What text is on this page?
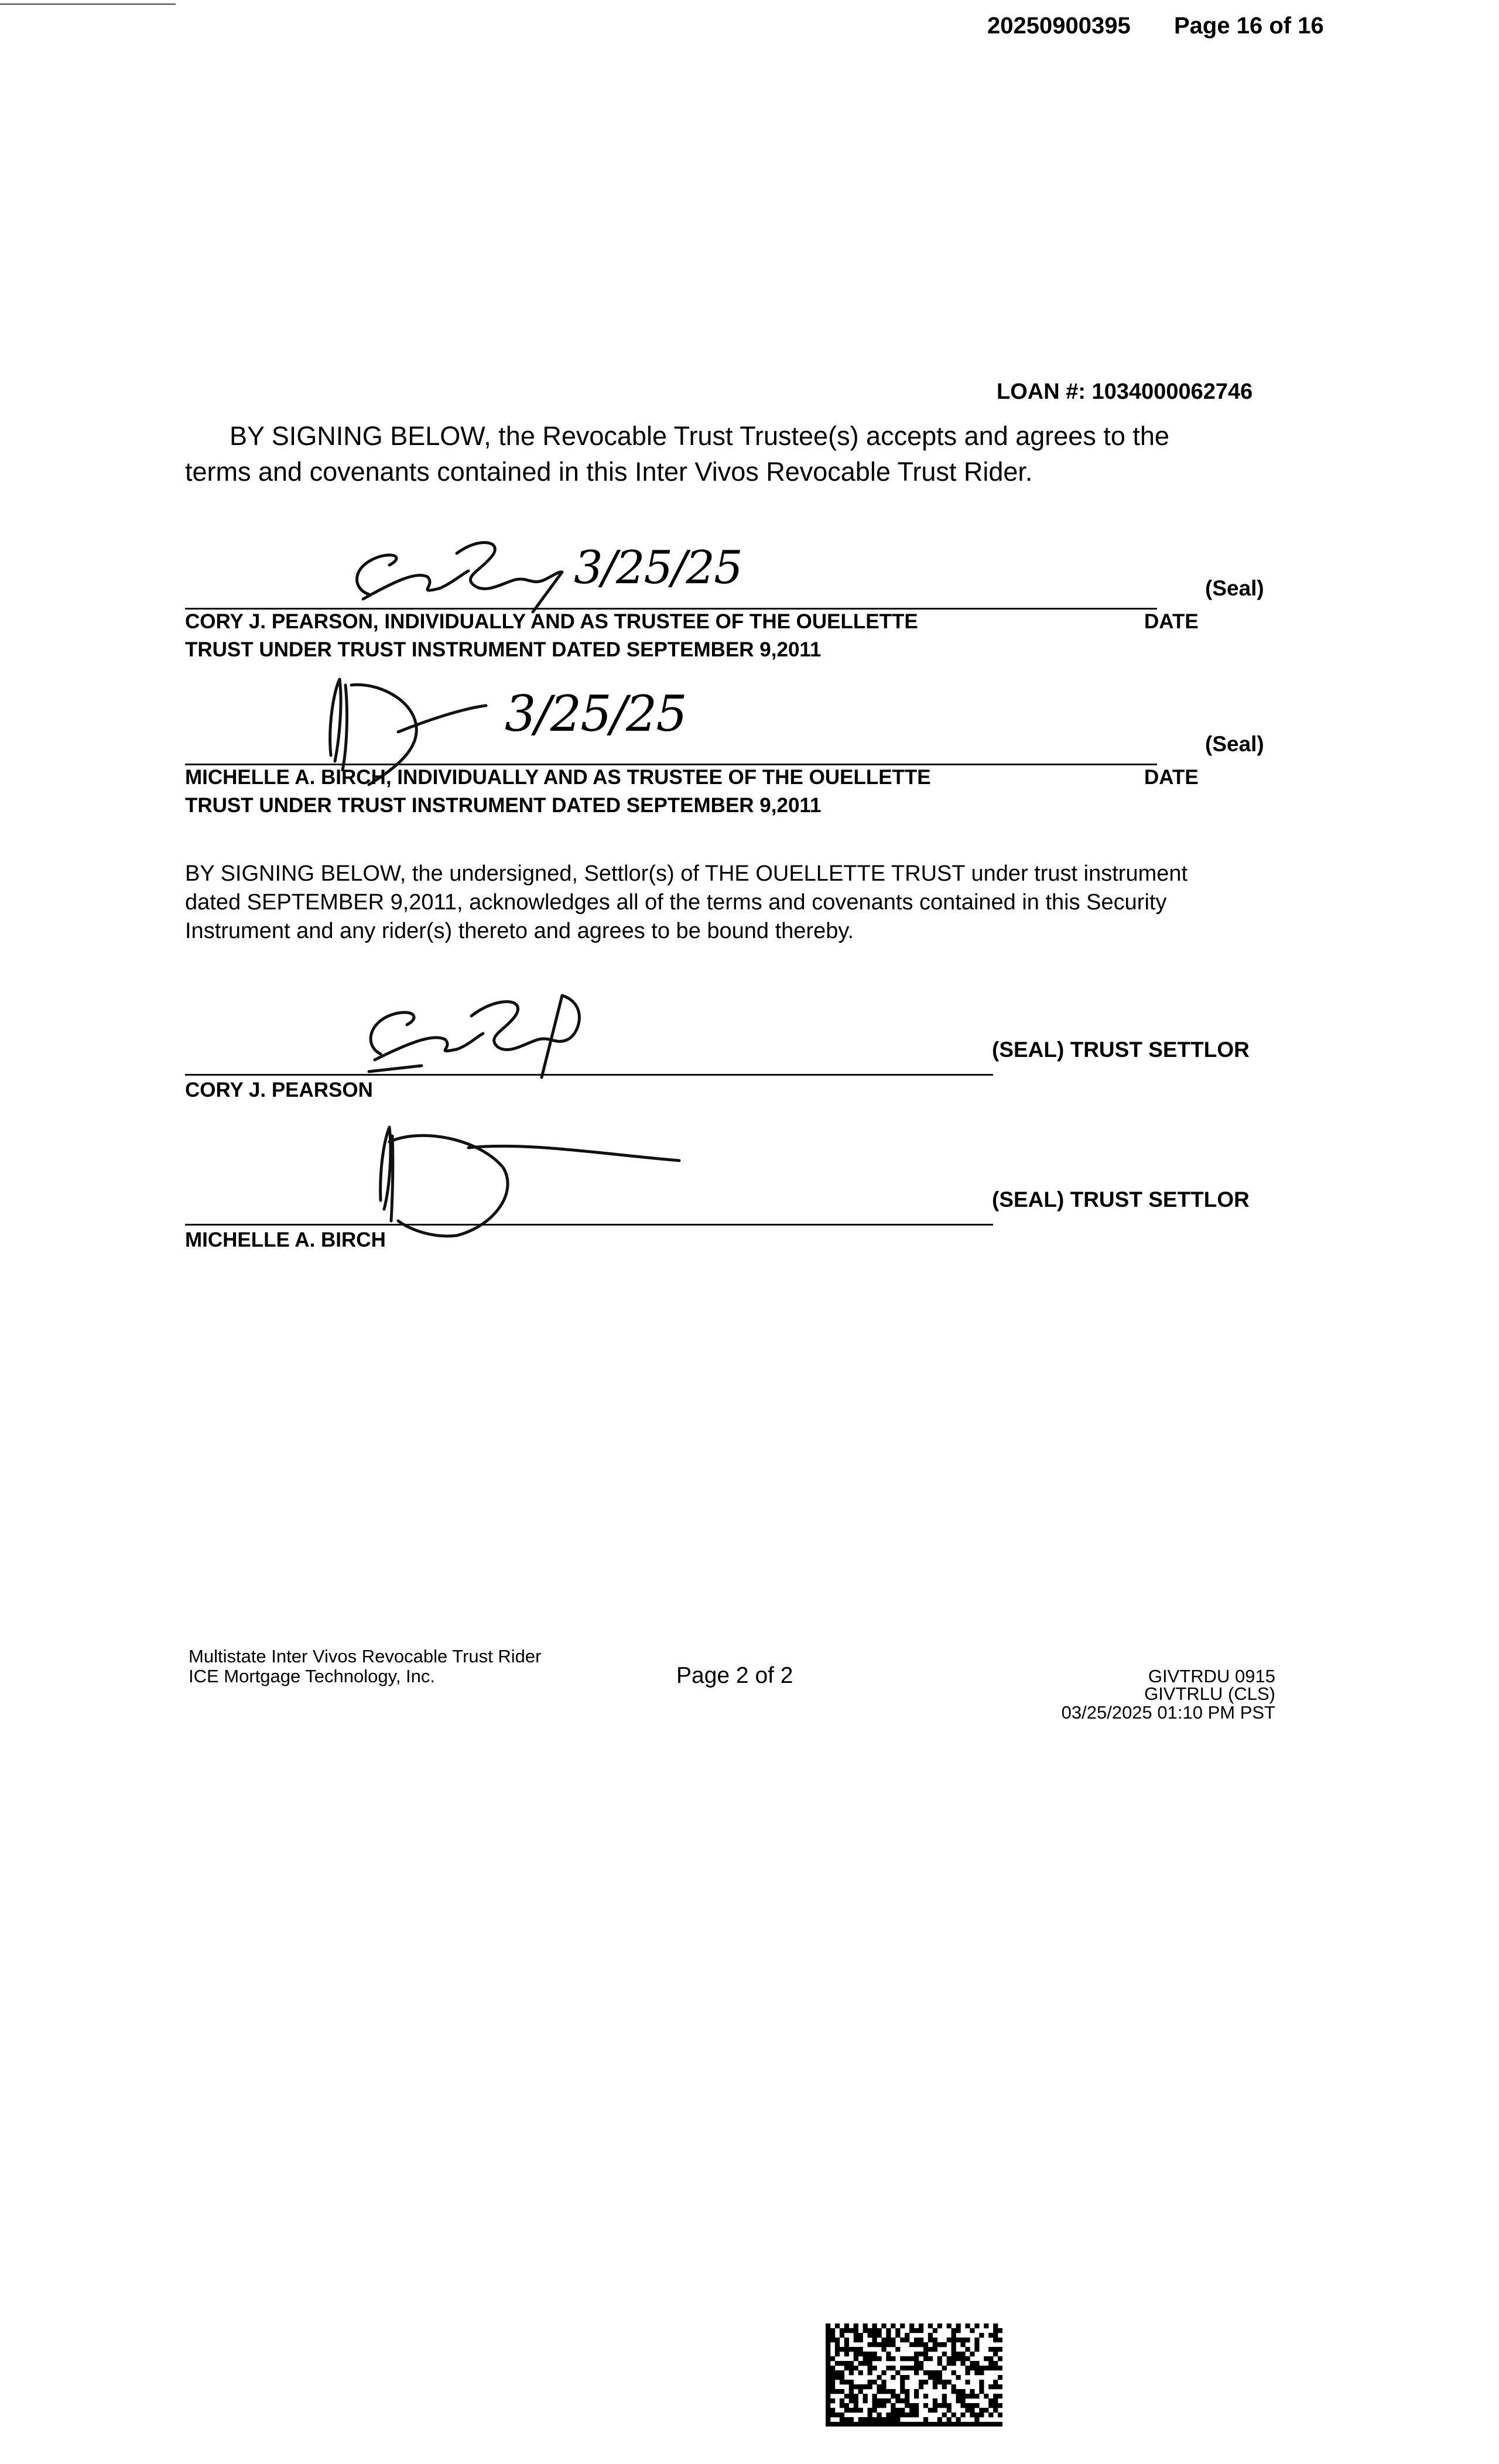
20250900395 Page 16 of 16
LOAN #: 1034000062746
BY SIGNING BELOW, the Revocable Trust Trustee(s) accepts and agrees to the
terms and covenants contained in this Inter Vivos Revocable Trust Rider.
3/25/25	(Seal)
CORY J. PEARSON, INDIVIDUALLY AND AS TRUSTEE OF THE OUELLETTE
TRUST UNDER TRUST INSTRUMENT DATED SEPTEMBER 9,2011
DATE
3/25/25
(Seal)
MICHELLE A. BIRCH, INDIVIDUALLY AND AS TRUSTEE OF THE OUELLETTE
TRUST UNDER TRUST INSTRUMENT DATED SEPTEMBER 9,2011
DATE
BY SIGNING BELOW, the undersigned, Settlor(s) of THE OUELLETTE TRUST under trust instrument
dated SEPTEMBER 9,2011, acknowledges all of the terms and covenants contained in this Security
Instrument and any rider(s) thereto and agrees to be bound thereby.
CORY J. PEARSON
(SEAL) TRUST SETTLOR
MICHELLE A. BIRCH
(SEAL) TRUST SETTLOR
Multistate Inter Vivos Revocable Trust Rider
ICE Mortgage Technology, Inc.	Page 2 of 2	GIVTRDU 0915
GIVTRLU (CLS)
03/25/2025 01:10 PM PST
